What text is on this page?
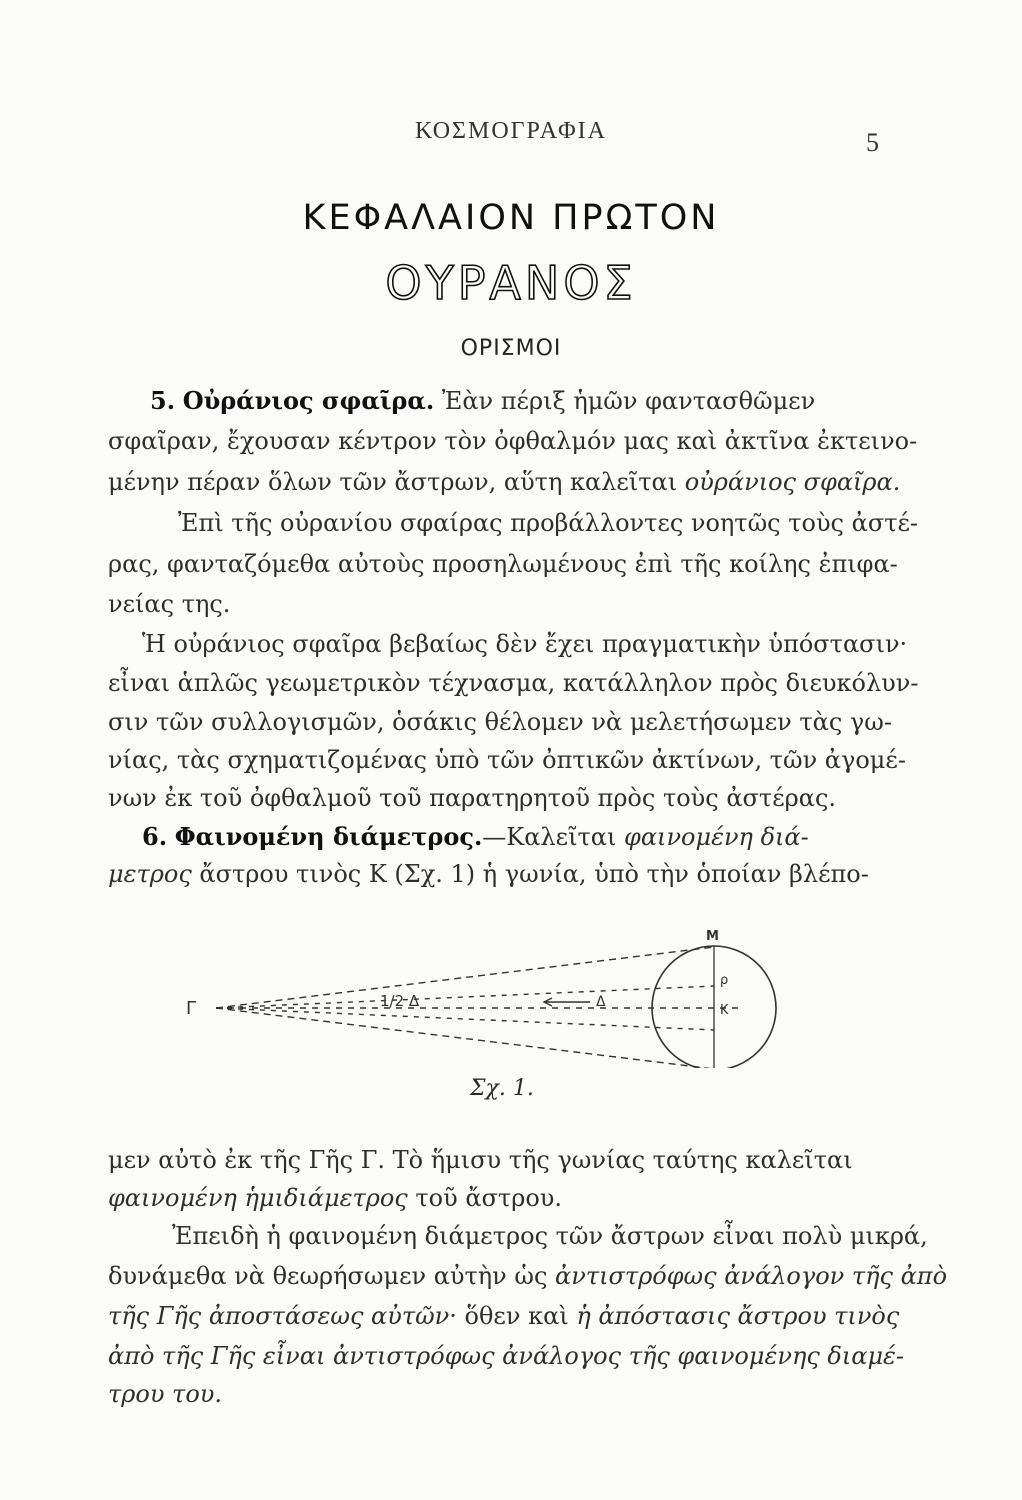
ΚΟΣΜΟΓΡΑΦΙΑ	5
ΚΕΦΑΛΑΙΟΝ ΠΡΩΤΟΝ
ΟΥΡΑΝΟΣ
ΟΡΙΣΜΟΙ
5. Οὐράνιος σφαῖρα. Ἐὰν πέριξ ἡμῶν φαντασθῶμεν
σφαῖραν, ἔχουσαν κέντρον τὸν ὀφθαλμόν μας καὶ ἀκτῖνα ἐκτεινο-
μένην πέραν ὅλων τῶν ἄστρων, αὕτη καλεῖται οὐράνιος σφαῖρα.
Ἐπὶ τῆς οὐρανίου σφαίρας προβάλλοντες νοητῶς τοὺς ἀστέ-
ρας, φανταζόμεθα αὐτοὺς προσηλωμένους ἐπὶ τῆς κοίλης ἐπιφα-
νείας της.
Ἡ οὐράνιος σφαῖρα βεβαίως δὲν ἔχει πραγματικὴν ὑπόστασιν·
εἶναι ἁπλῶς γεωμετρικὸν τέχνασμα, κατάλληλον πρὸς διευκόλυν-
σιν τῶν συλλογισμῶν, ὁσάκις θέλομεν νὰ μελετήσωμεν τὰς γω-
νίας, τὰς σχηματιζομένας ὑπὸ τῶν ὀπτικῶν ἀκτίνων, τῶν ἀγομέ-
νων ἐκ τοῦ ὀφθαλμοῦ τοῦ παρατηρητοῦ πρὸς τοὺς ἀστέρας.
6. Φαινομένη διάμετρος.—Καλεῖται φαινομένη διά-
μετρος ἄστρου τινὸς Κ (Σχ. 1) ἡ γωνία, ὑπὸ τὴν ὁποίαν βλέπο-
Γ
M
K
ρ
1/2 Δ	Δ
Σχ. 1.
μεν αὐτὸ ἐκ τῆς Γῆς Γ. Τὸ ἥμισυ τῆς γωνίας ταύτης καλεῖται
φαινομένη ἡμιδιάμετρος τοῦ ἄστρου.
Ἐπειδὴ ἡ φαινομένη διάμετρος τῶν ἄστρων εἶναι πολὺ μικρά,
δυνάμεθα νὰ θεωρήσωμεν αὐτὴν ὡς ἀντιστρόφως ἀνάλογον τῆς ἀπὸ
τῆς Γῆς ἀποστάσεως αὐτῶν· ὅθεν καὶ ἡ ἀπόστασις ἄστρου τινὸς
ἀπὸ τῆς Γῆς εἶναι ἀντιστρόφως ἀνάλογος τῆς φαινομένης διαμέ-
τρου του.
